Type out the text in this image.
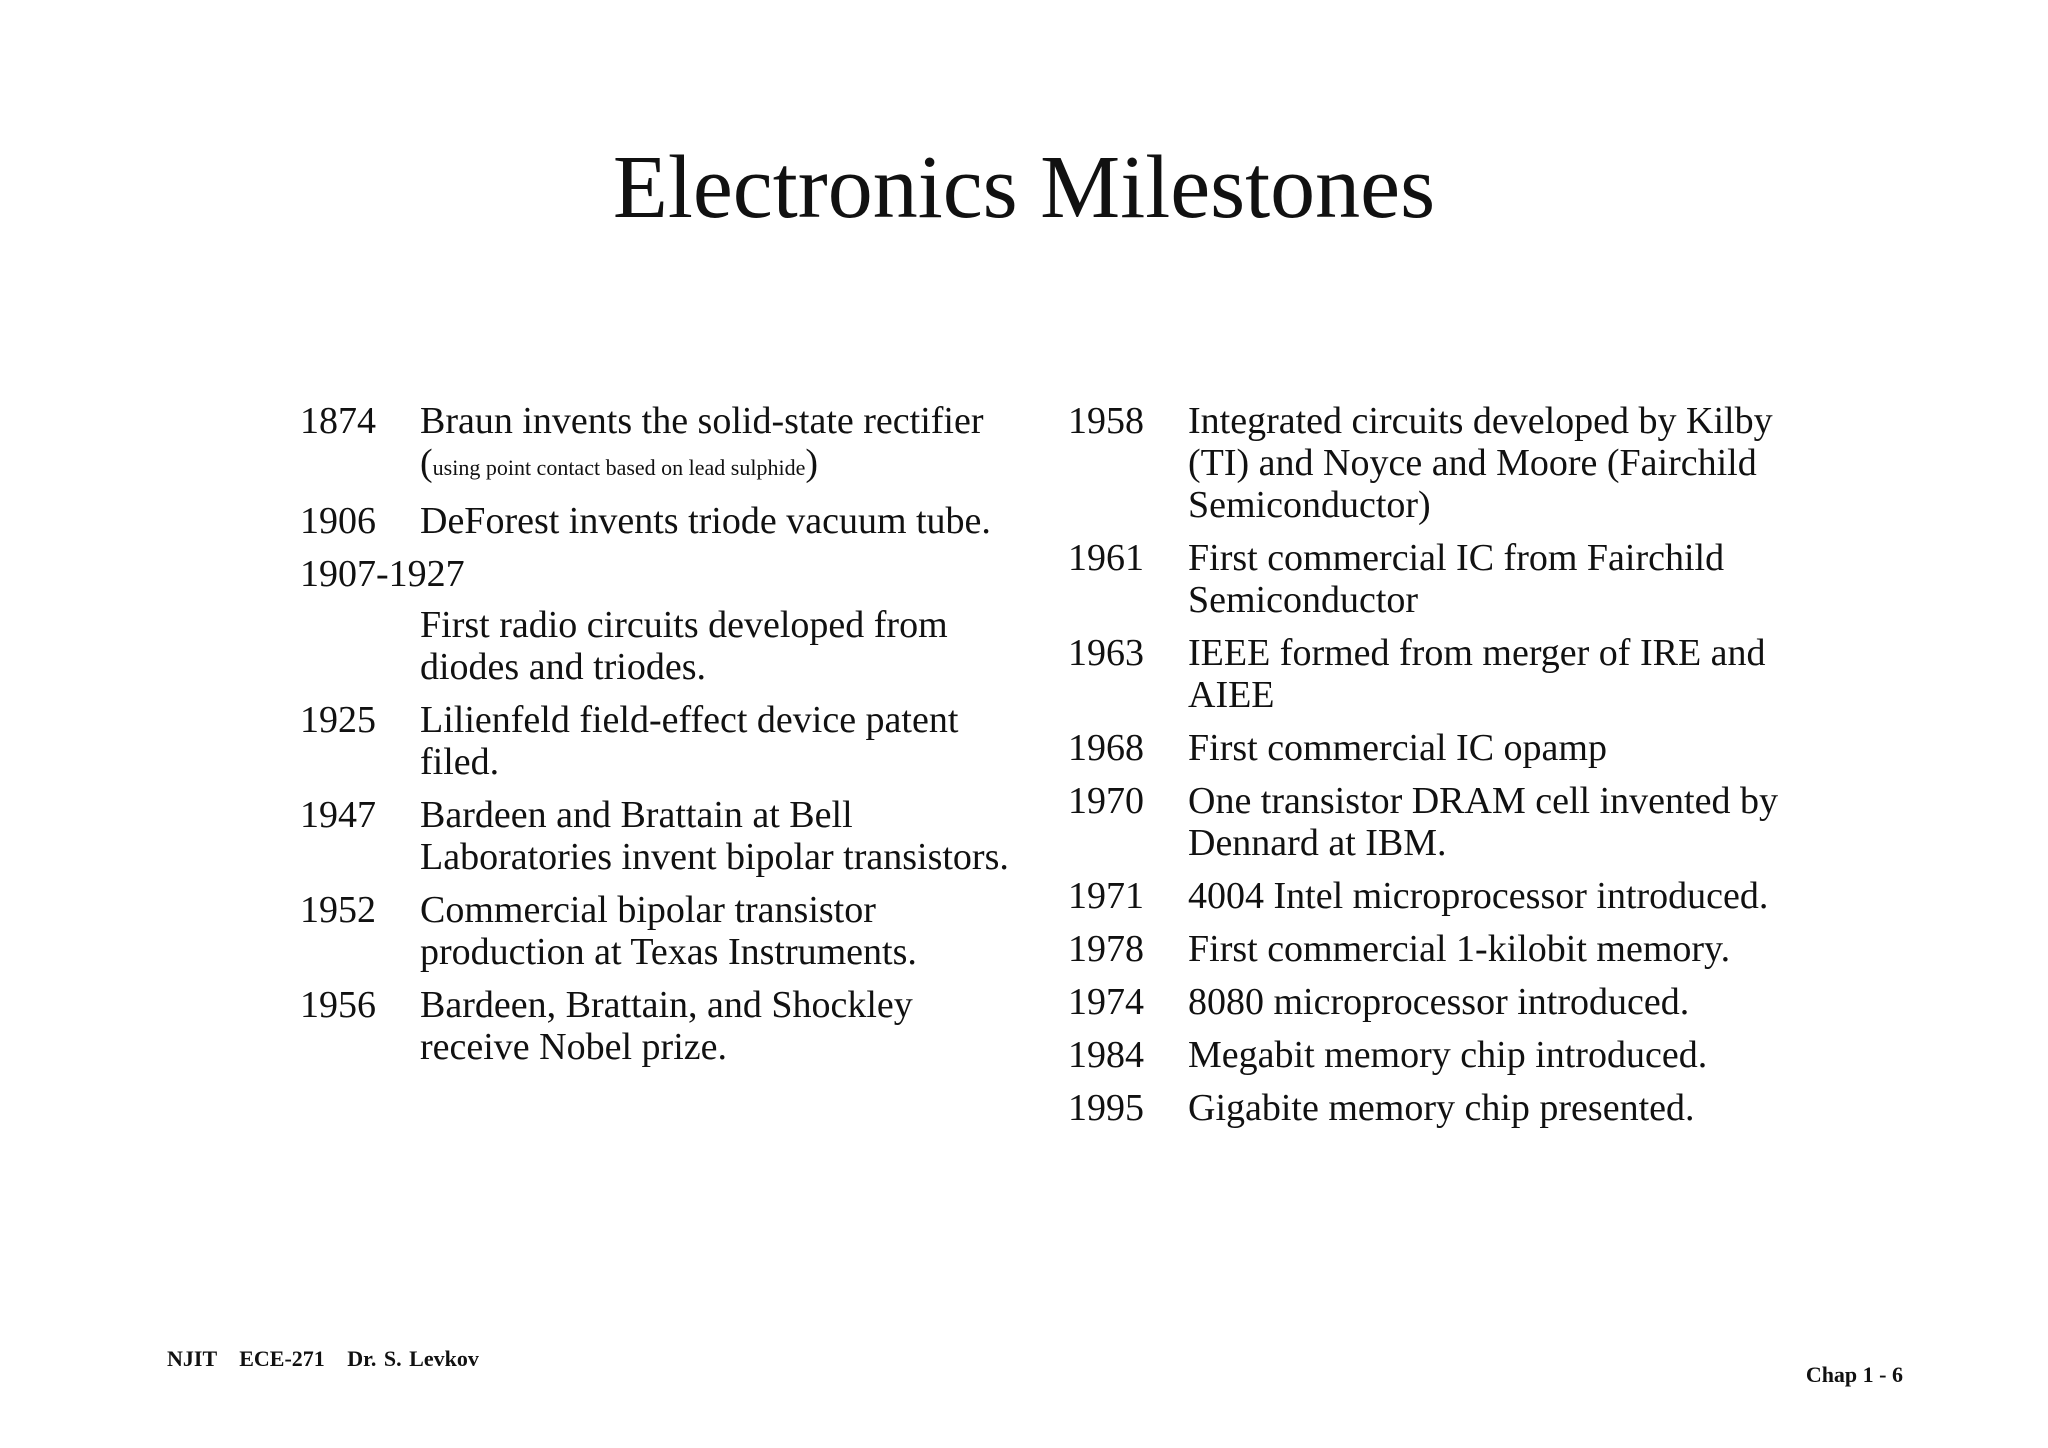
Electronics Milestones
1874	Braun invents the solid-state rectifier (using point contact based on lead sulphide)
1906	DeForest invents triode vacuum tube.
1907-1927
First radio circuits developed from diodes and triodes.
1925	Lilienfeld field-effect device patent filed.
1947	Bardeen and Brattain at Bell Laboratories invent bipolar transistors.
1952	Commercial bipolar transistor production at Texas Instruments.
1956	Bardeen, Brattain, and Shockley receive Nobel prize.
1958	Integrated circuits developed by Kilby (TI) and Noyce and Moore (Fairchild Semiconductor)
1961	First commercial IC from Fairchild Semiconductor
1963	IEEE formed from merger of IRE and AIEE
1968	First commercial IC opamp
1970	One transistor DRAM cell invented by Dennard at IBM.
1971	4004 Intel microprocessor introduced.
1978	First commercial 1-kilobit memory.
1974	8080 microprocessor introduced.
1984	Megabit memory chip introduced.
1995	Gigabite memory chip presented.
NJIT   ECE-271   Dr. S. Levkov
Chap 1 - 6
